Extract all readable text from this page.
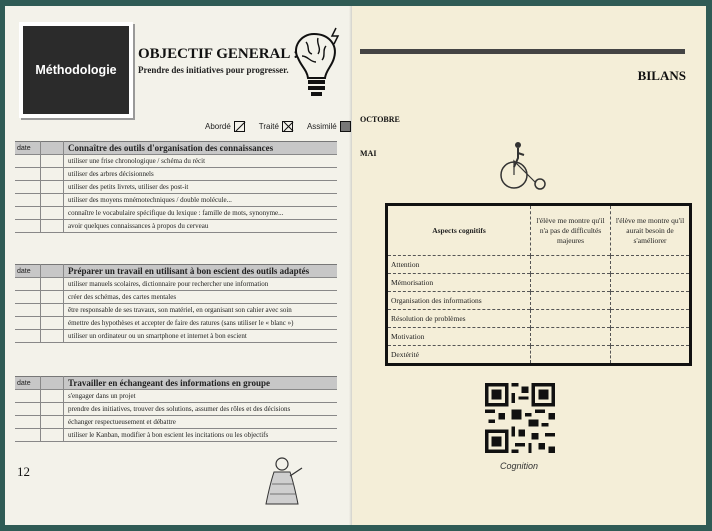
Méthodologie
OBJECTIF GENERAL :
Prendre des initiatives pour progresser.
Abordé	Traité	Assimilé
date		Connaître des outils d'organisation des connaissances
		utiliser une frise chronologique / schéma du récit
		utiliser des arbres décisionnels
		utiliser des petits livrets, utiliser des post-it
		utiliser des moyens mnémotechniques / double molécule...
		connaître le vocabulaire spécifique du lexique : famille de mots, synonyme...
		avoir quelques connaissances à propos du cerveau
date		Préparer un travail en utilisant à bon escient des outils adaptés
		utiliser manuels scolaires, dictionnaire pour rechercher une information
		créer des schémas, des cartes mentales
		être responsable de ses travaux, son matériel, en organisant son cahier avec soin
		émettre des hypothèses et accepter de faire des ratures (sans utiliser le « blanc »)
		utiliser un ordinateur ou un smartphone et internet à bon escient
date		Travailler en échangeant des informations en groupe
		s'engager dans un projet
		prendre des initiatives, trouver des solutions, assumer des rôles et des décisions
		échanger respectueusement et débattre
		utiliser le Kanban, modifier à bon escient les incitations ou les objectifs
12
BILANS
OCTOBRE
MAI
Aspects cognitifs	l'élève me montre qu'il n'a pas de difficultés majeures	l'élève me montre qu'il aurait besoin de s'améliorer
Attention		
Mémorisation		
Organisation des informations		
Résolution de problèmes		
Motivation		
Dextérité		
Cognition
